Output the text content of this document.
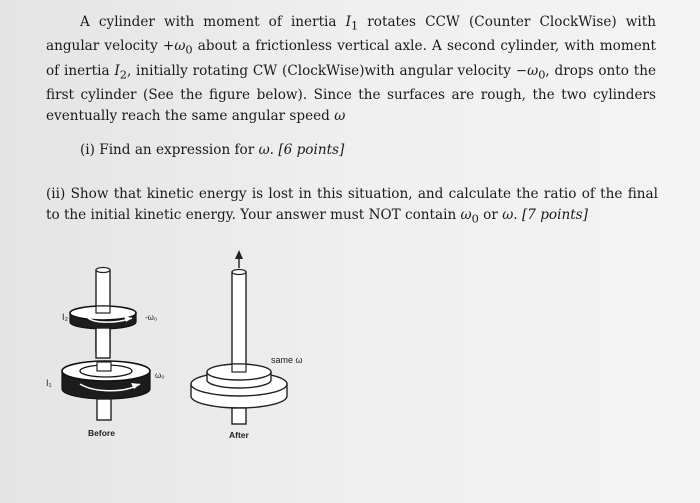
A cylinder with moment of inertia $I_1$ rotates CCW (Counter ClockWise) with angular velocity $+\omega_0$ about a frictionless vertical axle. A second cylinder, with moment of inertia $I_2$, initially rotating CW (ClockWise)with angular velocity $-\omega_0$, drops onto the first cylinder (See the figure below). Since the surfaces are rough, the two cylinders eventually reach the same angular speed ω
(i) Find an expression for ω. [6 points]
(ii) Show that kinetic energy is lost in this situation, and calculate the ratio of the final to the initial kinetic energy. Your answer must NOT contain $\omega_0$ or ω. [7 points]
I₂
I₁
-ω₀
ω₀
Before
same ω
After
